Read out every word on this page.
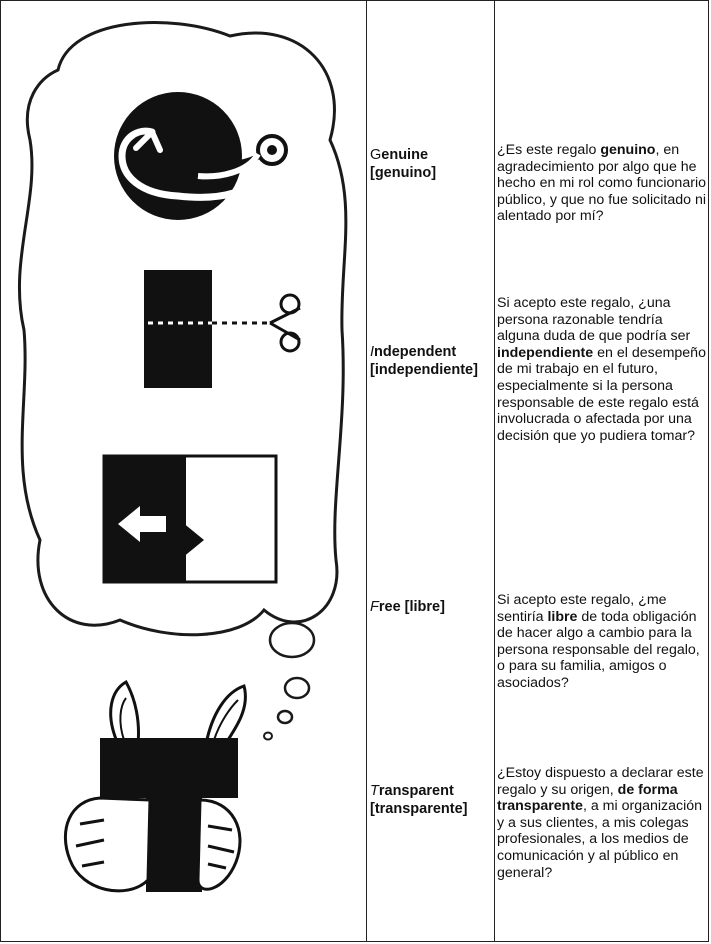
Genuine
[genuino]
¿Es este regalo genuino, en agradecimiento por algo que he hecho en mi rol como funcionario público, y que no fue solicitado ni alentado por mí?
Independent
[independiente]
Si acepto este regalo, ¿una persona razonable tendría alguna duda de que podría ser independiente en el desempeño de mi trabajo en el futuro, especialmente si la persona responsable de este regalo está involucrada o afectada por una decisión que yo pudiera tomar?
Free [libre]	Si acepto este regalo, ¿me sentiría libre de toda obligación de hacer algo a cambio para la persona responsable del regalo, o para su familia, amigos o asociados?
Transparent
[transparente]
¿Estoy dispuesto a declarar este regalo y su origen, de forma transparente, a mi organización y a sus clientes, a mis colegas profesionales, a los medios de comunicación y al público en general?
